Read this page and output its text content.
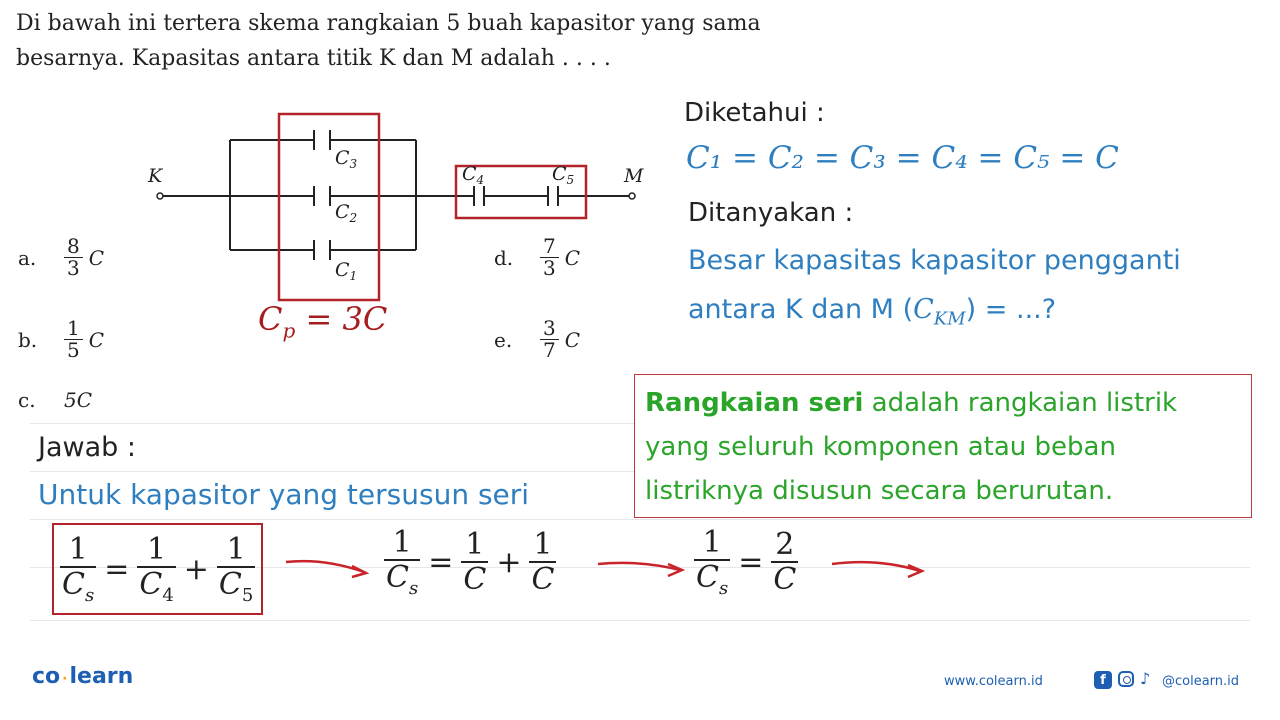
Di bawah ini tertera skema rangkaian 5 buah kapasitor yang sama besarnya. Kapasitas antara titik K dan M adalah . . . .
K	M
$C_3$
$C_2$
$C_1$
$C_4$	$C_5$
$C_p = 3C$
a.	$\frac{8}{3}$ C
b.	$\frac{1}{5}$ C
c.	5C
d.	$\frac{7}{3}$ C
e.	$\frac{3}{7}$ C
Diketahui :
C₁ = C₂ = C₃ = C₄ = C₅ = C
Ditanyakan :
Besar kapasitas kapasitor pengganti
antara K dan M $(C_{KM})$ = ...?
Rangkaian seri adalah rangkaian listrik
yang seluruh komponen atau beban
listriknya disusun secara berurutan.
Jawab :
Untuk kapasitor yang tersusun seri
$\frac{1}{C_s} = \frac{1}{C_4} + \frac{1}{C_5}$	$\frac{1}{C_s} = \frac{1}{C} + \frac{1}{C}$	$\frac{1}{C_s} = \frac{2}{C}$
co ·learn	www.colearn.id	f	♪ @colearn.id
